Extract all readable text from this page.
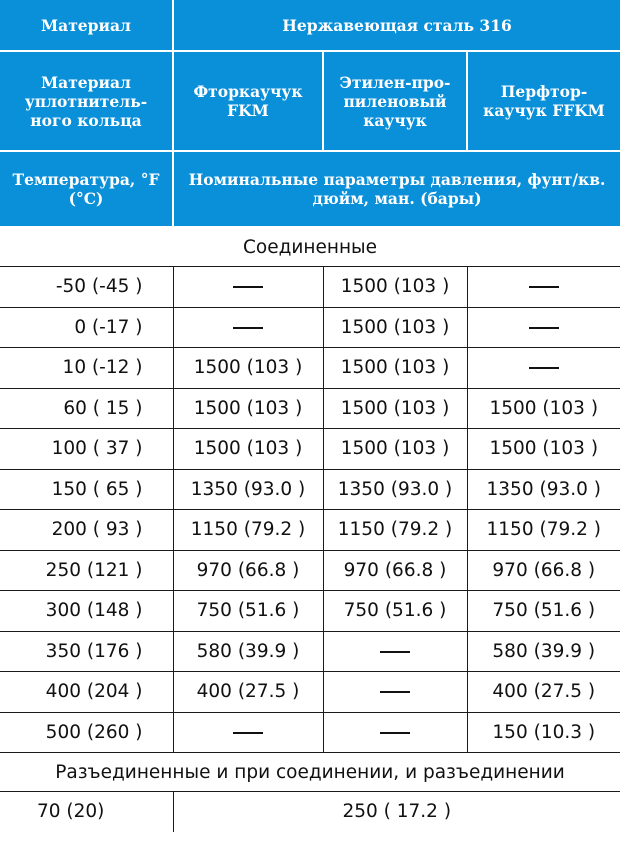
Материал	Нержавеющая сталь 316		
Материал уплотнитель- ного кольца	Фторкаучук FKM	Этилен-про- пиленовый каучук	Перфтор- каучук FFKM
Температура, °F (°C)	Номинальные параметры давления, фунт/кв. дюйм, ман. (бары)		
Соединенные			
-50 (-45 )		1500 (103 )	
0 (-17 )		1500 (103 )	
10 (-12 )	1500 (103 )	1500 (103 )	
60 ( 15 )	1500 (103 )	1500 (103 )	1500 (103 )
100 ( 37 )	1500 (103 )	1500 (103 )	1500 (103 )
150 ( 65 )	1350 (93.0 )	1350 (93.0 )	1350 (93.0 )
200 ( 93 )	1150 (79.2 )	1150 (79.2 )	1150 (79.2 )
250 (121 )	970 (66.8 )	970 (66.8 )	970 (66.8 )
300 (148 )	750 (51.6 )	750 (51.6 )	750 (51.6 )
350 (176 )	580 (39.9 )		580 (39.9 )
400 (204 )	400 (27.5 )		400 (27.5 )
500 (260 )			150 (10.3 )
Разъединенные и при соединении, и разъединении			
70 (20)	250 ( 17.2 )		
